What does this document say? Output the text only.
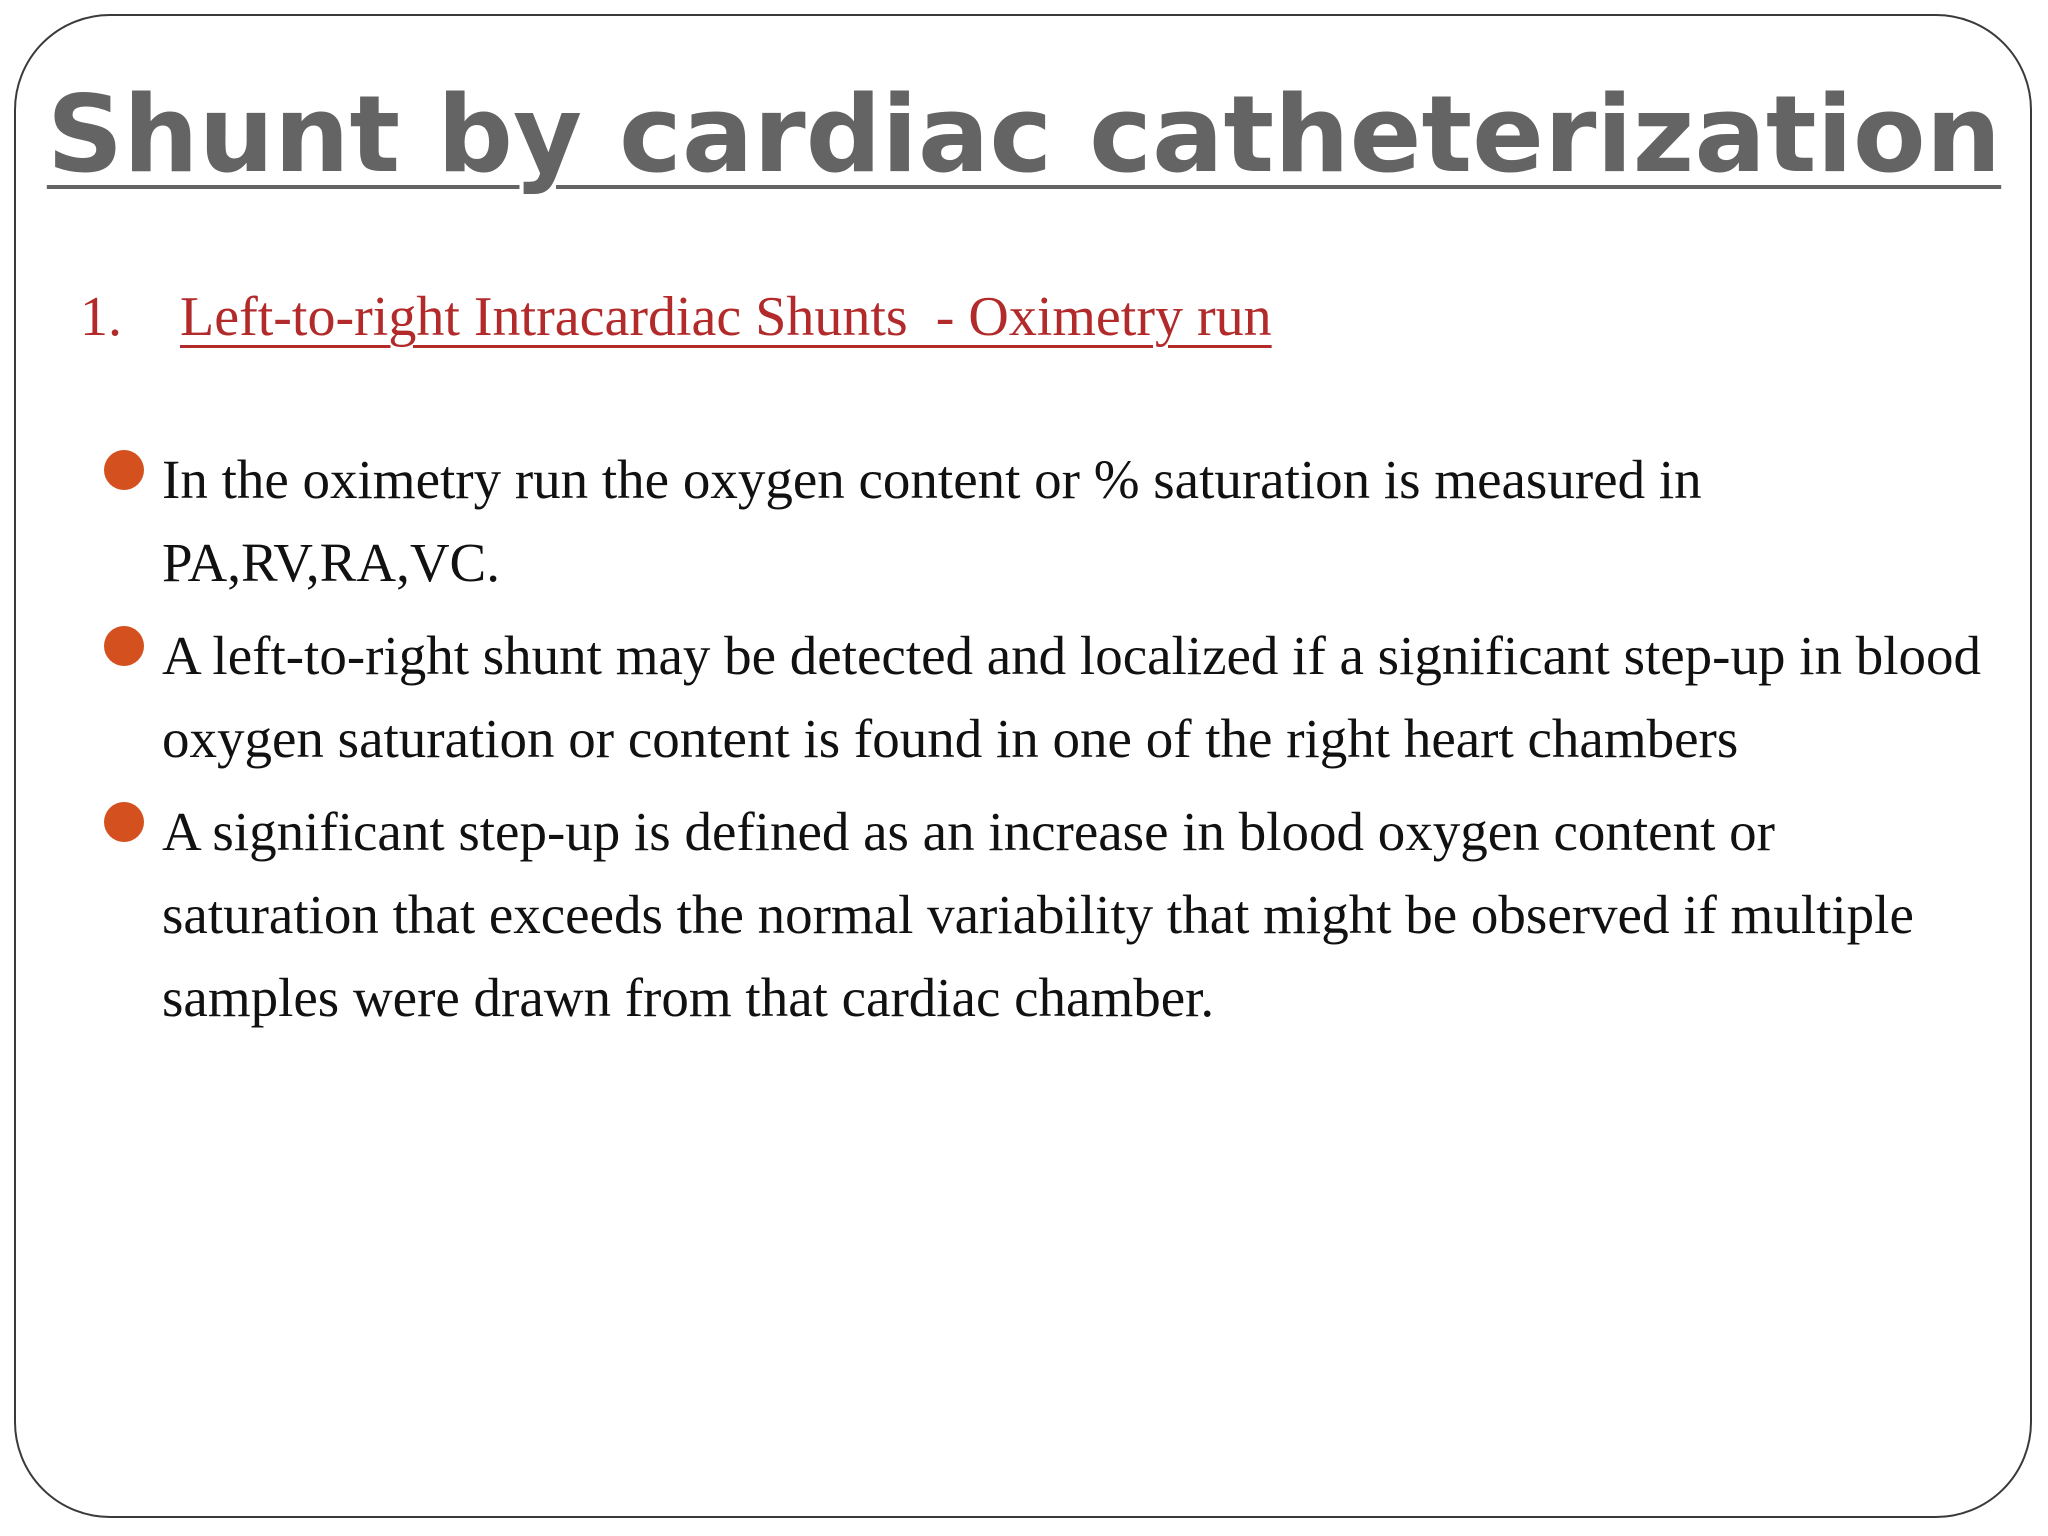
Shunt by cardiac catheterization
1. Left-to-right Intracardiac Shunts  - Oximetry run
In the oximetry run the oxygen content or % saturation is measured in PA,RV,RA,VC.
A left-to-right shunt may be detected and localized if a significant step-up in blood oxygen saturation or content is found in one of the right heart chambers
A significant step-up is defined as an increase in blood oxygen content or saturation that exceeds the normal variability that might be observed if multiple samples were drawn from that cardiac chamber.
